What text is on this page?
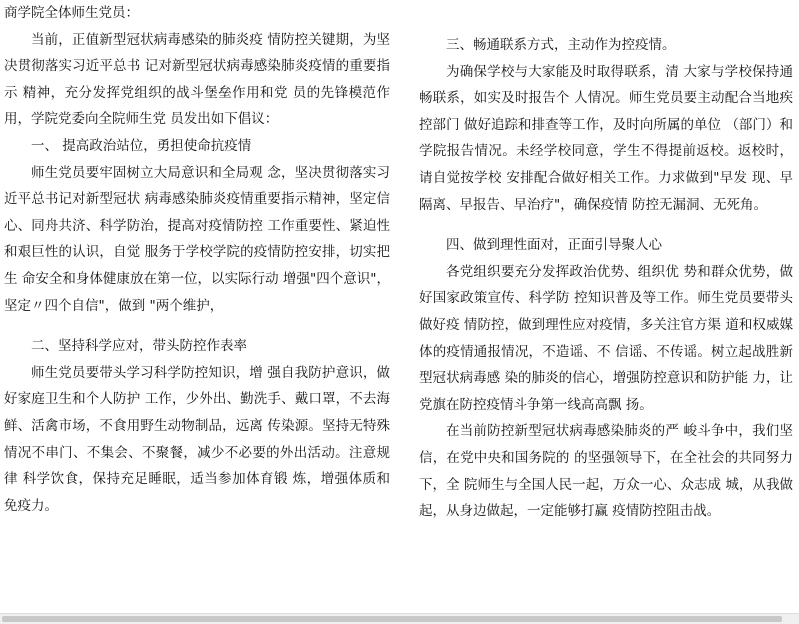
商学院全体师生党员：

当前，正值新型冠状病毒感染的肺炎疫 情防控关键期，为坚决贯彻落实习近平总书 记对新型冠状病毒感染肺炎疫情的重要指示 精神，充分发挥党组织的战斗堡垒作用和党 员的先锋模范作用，学院党委向全院师生党 员发出如下倡议：

一、 提高政治站位，勇担使命抗疫情

师生党员要牢固树立大局意识和全局观 念，坚决贯彻落实习近平总书记对新型冠状 病毒感染肺炎疫情重要指示精神，坚定信 心、同舟共济、科学防治，提高对疫情防控 工作重要性、紧迫性和艰巨性的认识，自觉 服务于学校学院的疫情防控安排，切实把生 命安全和身体健康放在第一位，以实际行动 增强"四个意识"，坚定〃四个自信"，做到 "两个维护，

二、坚持科学应对，带头防控作表率

师生党员要带头学习科学防控知识，增 强自我防护意识，做好家庭卫生和个人防护 工作，少外出、勤洗手、戴口罩，不去海 鲜、活禽市场，不食用野生动物制品，远离 传染源。坚持无特殊情况不串门、不集会、不聚餐，减少不必要的外出活动。注意规律 科学饮食，保持充足睡眠，适当参加体育锻 炼，增强体质和免疫力。

三、畅通联系方式，主动作为控疫情。

为确保学校与大家能及时取得联系，清 大家与学校保持通畅联系，如实及时报告个 人情况。师生党员要主动配合当地疾控部门 做好追踪和排查等工作，及时向所属的单位 （部门）和学院报告情况。未经学校同意，学生不得提前返校。返校时，请自觉按学校 安排配合做好相关工作。力求做到"早发 现、早隔离、早报告、早治疗"，确保疫情 防控无漏洞、无死角。

四、做到理性面对，正面引导聚人心

各党组织要充分发挥政治优势、组织优 势和群众优势，做好国家政策宣传、科学防 控知识普及等工作。师生党员要带头做好疫 情防控，做到理性应对疫情，多关注官方渠 道和权威媒体的疫情通报情况，不造谣、不 信谣、不传谣。树立起战胜新型冠状病毒感 染的肺炎的信心，增强防控意识和防护能 力，让党旗在防控疫情斗争第一线高高飘 扬。

在当前防控新型冠状病毒感染肺炎的严 峻斗争中，我们坚信，在党中央和国务院的 的坚强领导下，在全社会的共同努力下，全 院师生与全国人民一起，万众一心、众志成 城，从我做起，从身边做起，一定能够打赢 疫情防控阻击战。
